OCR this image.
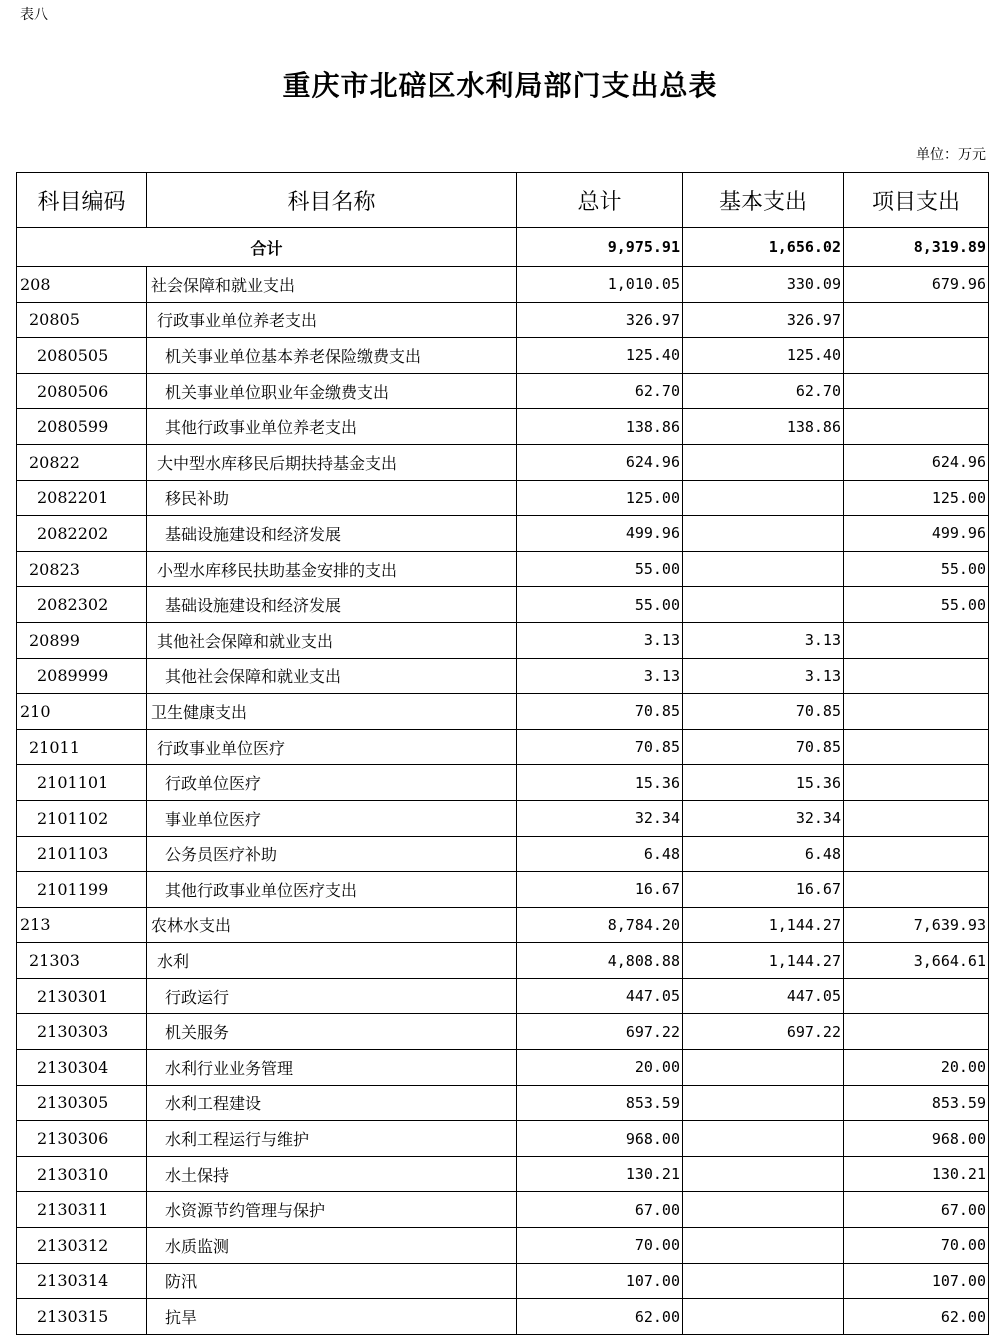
表八
重庆市北碚区水利局部门支出总表
单位：万元
科目编码	科目名称	总计	基本支出	项目支出
合计		9,975.91	1,656.02	8,319.89
208	社会保障和就业支出	1,010.05	330.09	679.96
20805	行政事业单位养老支出	326.97	326.97	
2080505	机关事业单位基本养老保险缴费支出	125.40	125.40	
2080506	机关事业单位职业年金缴费支出	62.70	62.70	
2080599	其他行政事业单位养老支出	138.86	138.86	
20822	大中型水库移民后期扶持基金支出	624.96		624.96
2082201	移民补助	125.00		125.00
2082202	基础设施建设和经济发展	499.96		499.96
20823	小型水库移民扶助基金安排的支出	55.00		55.00
2082302	基础设施建设和经济发展	55.00		55.00
20899	其他社会保障和就业支出	3.13	3.13	
2089999	其他社会保障和就业支出	3.13	3.13	
210	卫生健康支出	70.85	70.85	
21011	行政事业单位医疗	70.85	70.85	
2101101	行政单位医疗	15.36	15.36	
2101102	事业单位医疗	32.34	32.34	
2101103	公务员医疗补助	6.48	6.48	
2101199	其他行政事业单位医疗支出	16.67	16.67	
213	农林水支出	8,784.20	1,144.27	7,639.93
21303	水利	4,808.88	1,144.27	3,664.61
2130301	行政运行	447.05	447.05	
2130303	机关服务	697.22	697.22	
2130304	水利行业业务管理	20.00		20.00
2130305	水利工程建设	853.59		853.59
2130306	水利工程运行与维护	968.00		968.00
2130310	水土保持	130.21		130.21
2130311	水资源节约管理与保护	67.00		67.00
2130312	水质监测	70.00		70.00
2130314	防汛	107.00		107.00
2130315	抗旱	62.00		62.00
